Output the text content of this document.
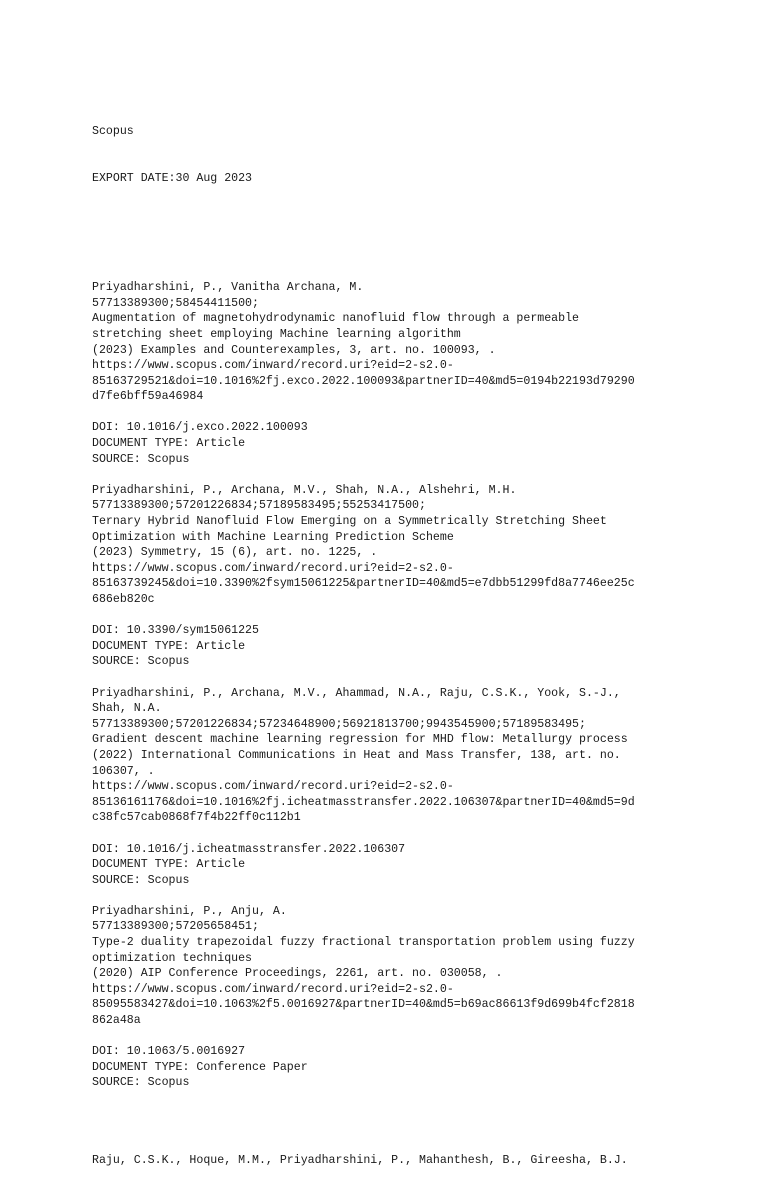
Scopus

EXPORT DATE:30 Aug 2023

Priyadharshini, P., Vanitha Archana, M.
57713389300;58454411500;
Augmentation of magnetohydrodynamic nanofluid flow through a permeable
stretching sheet employing Machine learning algorithm
(2023) Examples and Counterexamples, 3, art. no. 100093, .
https://www.scopus.com/inward/record.uri?eid=2-s2.0-
85163729521&doi=10.1016%2fj.exco.2022.100093&partnerID=40&md5=0194b22193d79290
d7fe6bff59a46984
DOI: 10.1016/j.exco.2022.100093
DOCUMENT TYPE: Article
SOURCE: Scopus
Priyadharshini, P., Archana, M.V., Shah, N.A., Alshehri, M.H.
57713389300;57201226834;57189583495;55253417500;
Ternary Hybrid Nanofluid Flow Emerging on a Symmetrically Stretching Sheet
Optimization with Machine Learning Prediction Scheme
(2023) Symmetry, 15 (6), art. no. 1225, .
https://www.scopus.com/inward/record.uri?eid=2-s2.0-
85163739245&doi=10.3390%2fsym15061225&partnerID=40&md5=e7dbb51299fd8a7746ee25c
686eb820c
DOI: 10.3390/sym15061225
DOCUMENT TYPE: Article
SOURCE: Scopus
Priyadharshini, P., Archana, M.V., Ahammad, N.A., Raju, C.S.K., Yook, S.-J.,
Shah, N.A.
57713389300;57201226834;57234648900;56921813700;9943545900;57189583495;
Gradient descent machine learning regression for MHD flow: Metallurgy process
(2022) International Communications in Heat and Mass Transfer, 138, art. no.
106307, .
https://www.scopus.com/inward/record.uri?eid=2-s2.0-
85136161176&doi=10.1016%2fj.icheatmasstransfer.2022.106307&partnerID=40&md5=9d
c38fc57cab0868f7f4b22ff0c112b1
DOI: 10.1016/j.icheatmasstransfer.2022.106307
DOCUMENT TYPE: Article
SOURCE: Scopus
Priyadharshini, P., Anju, A.
57713389300;57205658451;
Type-2 duality trapezoidal fuzzy fractional transportation problem using fuzzy
optimization techniques
(2020) AIP Conference Proceedings, 2261, art. no. 030058, .
https://www.scopus.com/inward/record.uri?eid=2-s2.0-
85095583427&doi=10.1063%2f5.0016927&partnerID=40&md5=b69ac86613f9d699b4fcf2818
862a48a
DOI: 10.1063/5.0016927
DOCUMENT TYPE: Conference Paper
SOURCE: Scopus

Raju, C.S.K., Hoque, M.M., Priyadharshini, P., Mahanthesh, B., Gireesha, B.J.
